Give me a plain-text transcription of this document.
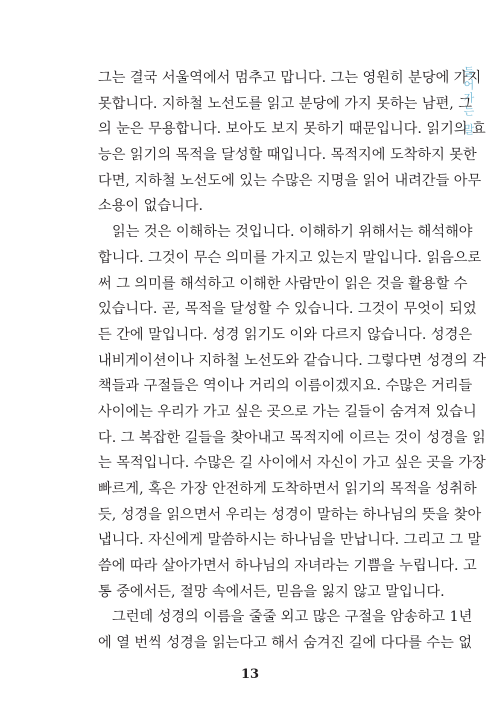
들어가는 말
그는 결국 서울역에서 멈추고 맙니다. 그는 영원히 분당에 가지
못합니다. 지하철 노선도를 읽고 분당에 가지 못하는 남편, 그
의 눈은 무용합니다. 보아도 보지 못하기 때문입니다. 읽기의 효
능은 읽기의 목적을 달성할 때입니다. 목적지에 도착하지 못한
다면, 지하철 노선도에 있는 수많은 지명을 읽어 내려간들 아무
소용이 없습니다.
읽는 것은 이해하는 것입니다. 이해하기 위해서는 해석해야
합니다. 그것이 무슨 의미를 가지고 있는지 말입니다. 읽음으로
써 그 의미를 해석하고 이해한 사람만이 읽은 것을 활용할 수
있습니다. 곧, 목적을 달성할 수 있습니다. 그것이 무엇이 되었
든 간에 말입니다. 성경 읽기도 이와 다르지 않습니다. 성경은
내비게이션이나 지하철 노선도와 같습니다. 그렇다면 성경의 각
책들과 구절들은 역이나 거리의 이름이겠지요. 수많은 거리들
사이에는 우리가 가고 싶은 곳으로 가는 길들이 숨겨져 있습니
다. 그 복잡한 길들을 찾아내고 목적지에 이르는 것이 성경을 읽
는 목적입니다. 수많은 길 사이에서 자신이 가고 싶은 곳을 가장
빠르게, 혹은 가장 안전하게 도착하면서 읽기의 목적을 성취하
듯, 성경을 읽으면서 우리는 성경이 말하는 하나님의 뜻을 찾아
냅니다. 자신에게 말씀하시는 하나님을 만납니다. 그리고 그 말
씀에 따라 살아가면서 하나님의 자녀라는 기쁨을 누립니다. 고
통 중에서든, 절망 속에서든, 믿음을 잃지 않고 말입니다.
그런데 성경의 이름을 줄줄 외고 많은 구절을 암송하고 1년
에 열 번씩 성경을 읽는다고 해서 숨겨진 길에 다다를 수는 없
13
